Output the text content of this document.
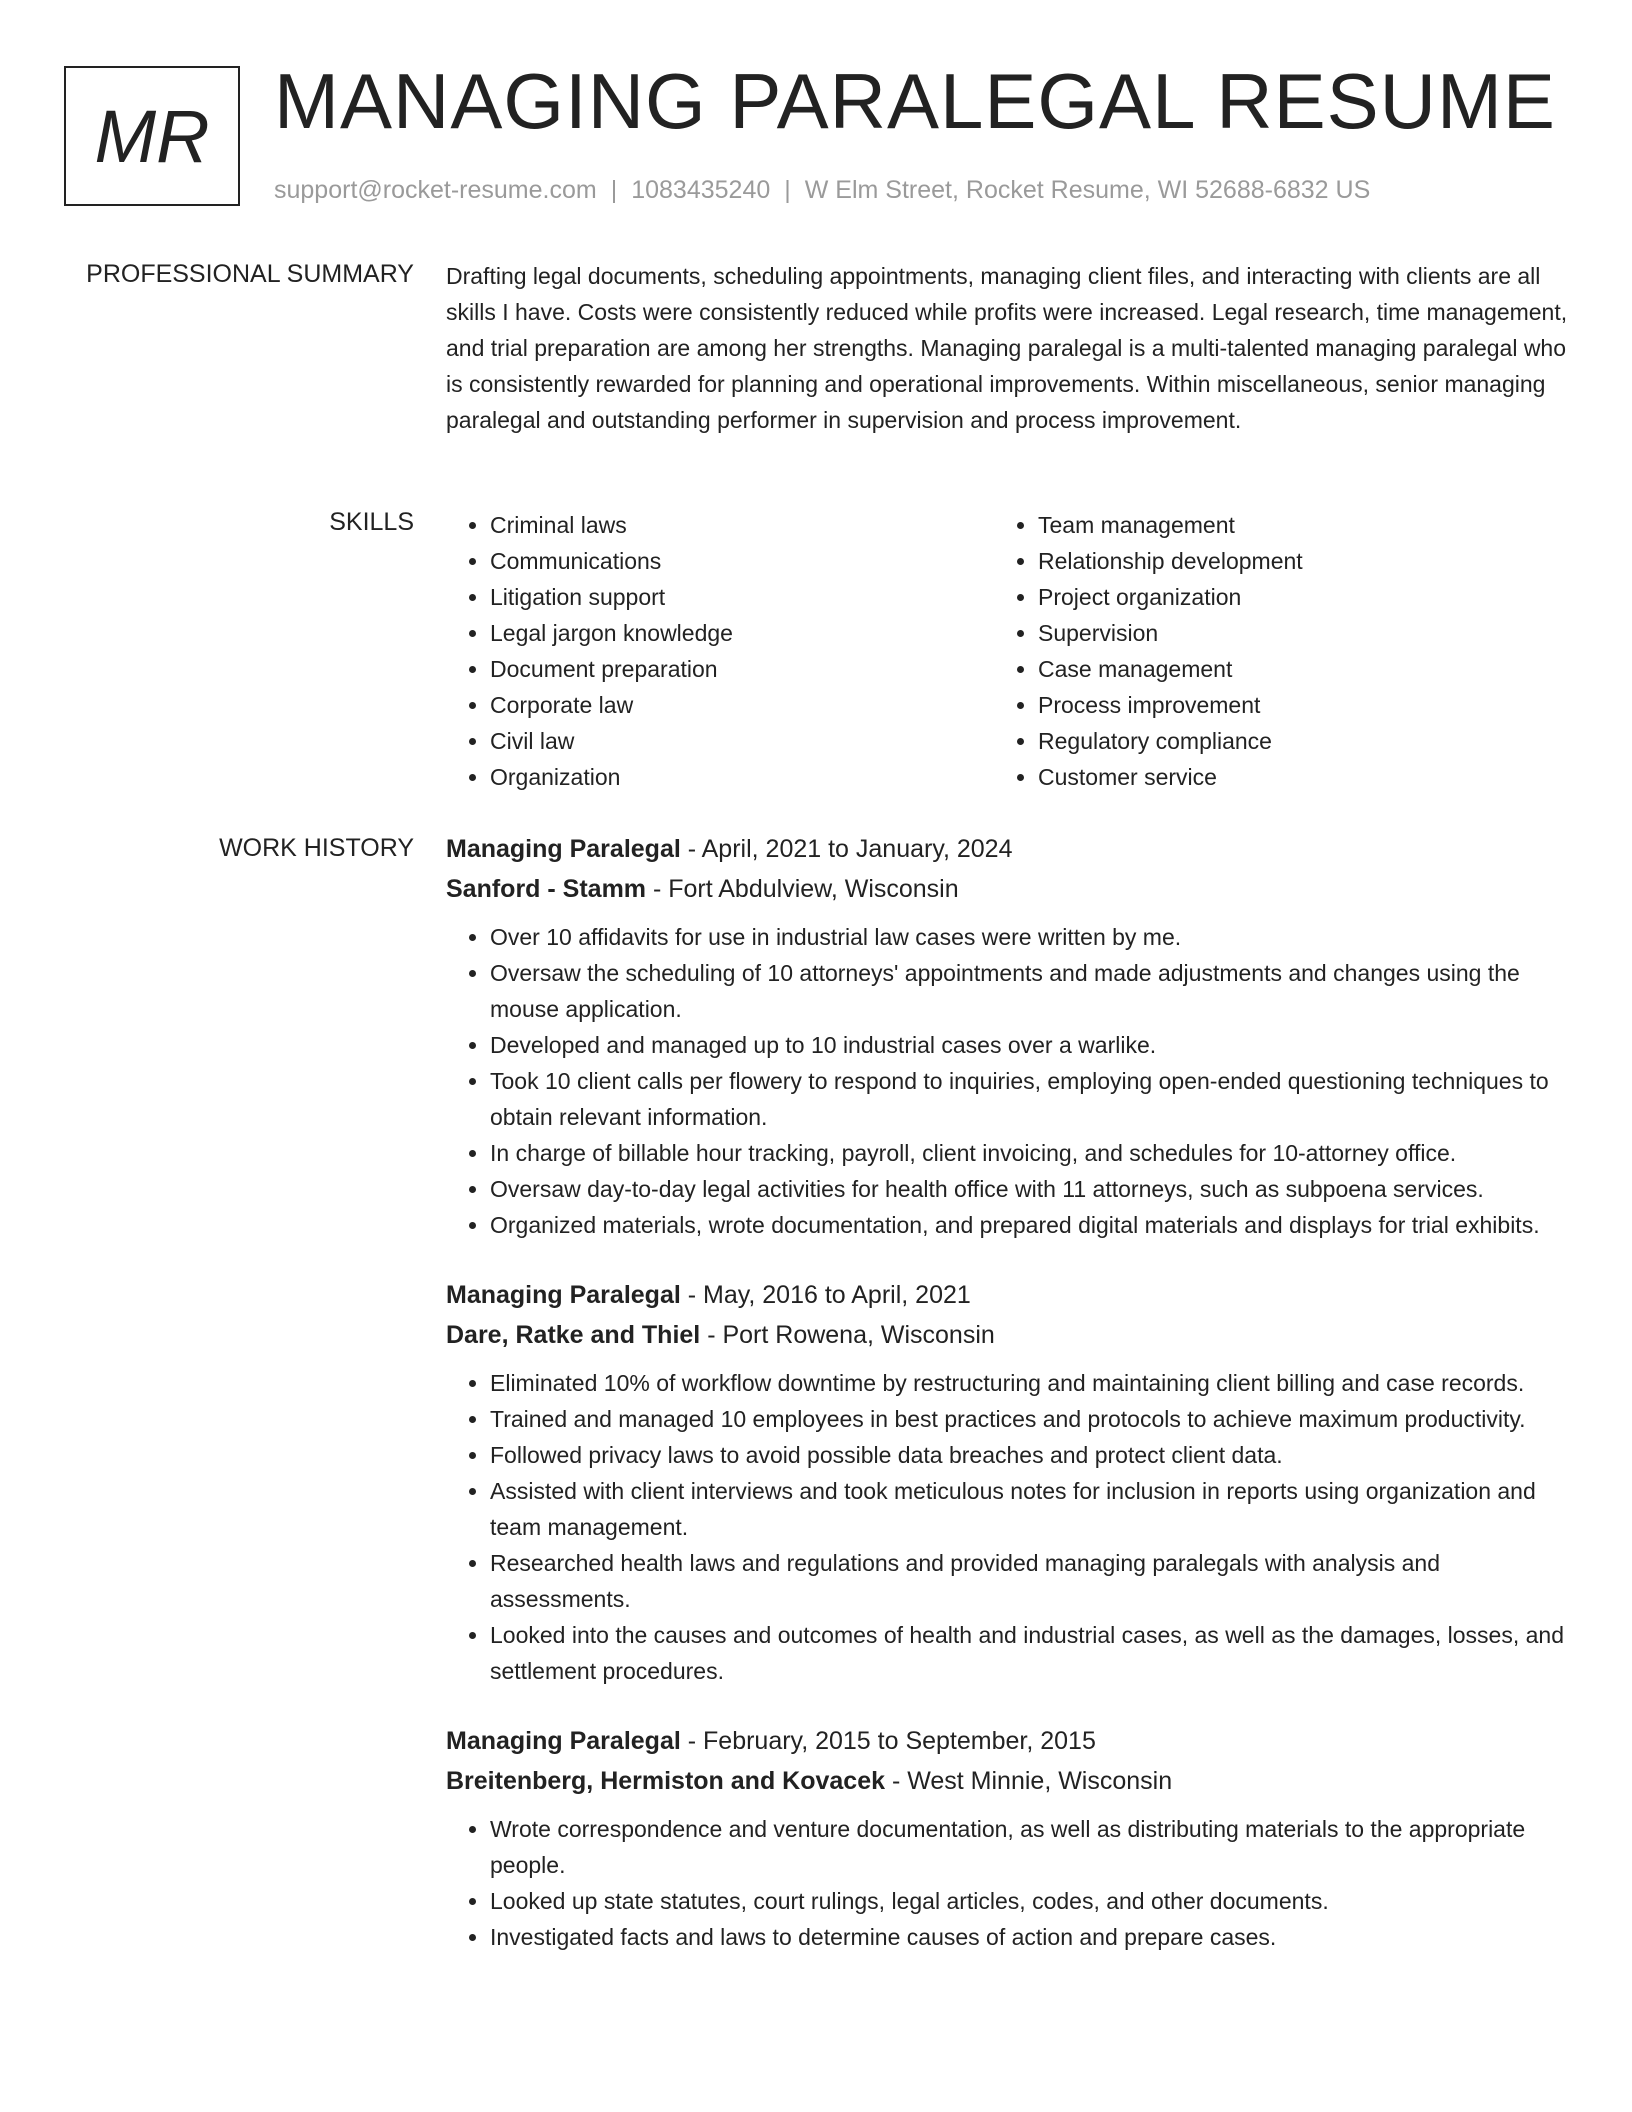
MR MANAGING PARALEGAL RESUME
support@rocket-resume.com | 1083435240 | W Elm Street, Rocket Resume, WI 52688-6832 US
PROFESSIONAL SUMMARY Drafting legal documents, scheduling appointments, managing client files, and interacting with clients are all skills I have. Costs were consistently reduced while profits were increased. Legal research, time management, and trial preparation are among her strengths. Managing paralegal is a multi-talented managing paralegal who is consistently rewarded for planning and operational improvements. Within miscellaneous, senior managing paralegal and outstanding performer in supervision and process improvement.

SKILLS
•	Criminal laws
• Communications
• Litigation support
• Legal jargon knowledge
• Document preparation
• Corporate law
• Civil law
• Organization
• Team management
• Relationship development
• Project organization
• Supervision
• Case management
• Process improvement
• Regulatory compliance
• Customer service
WORK HISTORY Managing Paralegal - April, 2021 to January, 2024
Sanford - Stamm - Fort Abdulview, Wisconsin
• Over 10 affidavits for use in industrial law cases were written by me.
• Oversaw the scheduling of 10 attorneys' appointments and made adjustments and changes using the mouse application.
• Developed and managed up to 10 industrial cases over a warlike.
• Took 10 client calls per flowery to respond to inquiries, employing open-ended questioning techniques to obtain relevant information.
• In charge of billable hour tracking, payroll, client invoicing, and schedules for 10-attorney office.
• Oversaw day-to-day legal activities for health office with 11 attorneys, such as subpoena services.
• Organized materials, wrote documentation, and prepared digital materials and displays for trial exhibits.
Managing Paralegal - May, 2016 to April, 2021
Dare, Ratke and Thiel - Port Rowena, Wisconsin
• Eliminated 10% of workflow downtime by restructuring and maintaining client billing and case records.
• Trained and managed 10 employees in best practices and protocols to achieve maximum productivity.
• Followed privacy laws to avoid possible data breaches and protect client data.
• Assisted with client interviews and took meticulous notes for inclusion in reports using organization and team management.
• Researched health laws and regulations and provided managing paralegals with analysis and assessments.
• Looked into the causes and outcomes of health and industrial cases, as well as the damages, losses, and settlement procedures.
Managing Paralegal - February, 2015 to September, 2015
Breitenberg, Hermiston and Kovacek - West Minnie, Wisconsin
• Wrote correspondence and venture documentation, as well as distributing materials to the appropriate people.
• Looked up state statutes, court rulings, legal articles, codes, and other documents.
• Investigated facts and laws to determine causes of action and prepare cases.
